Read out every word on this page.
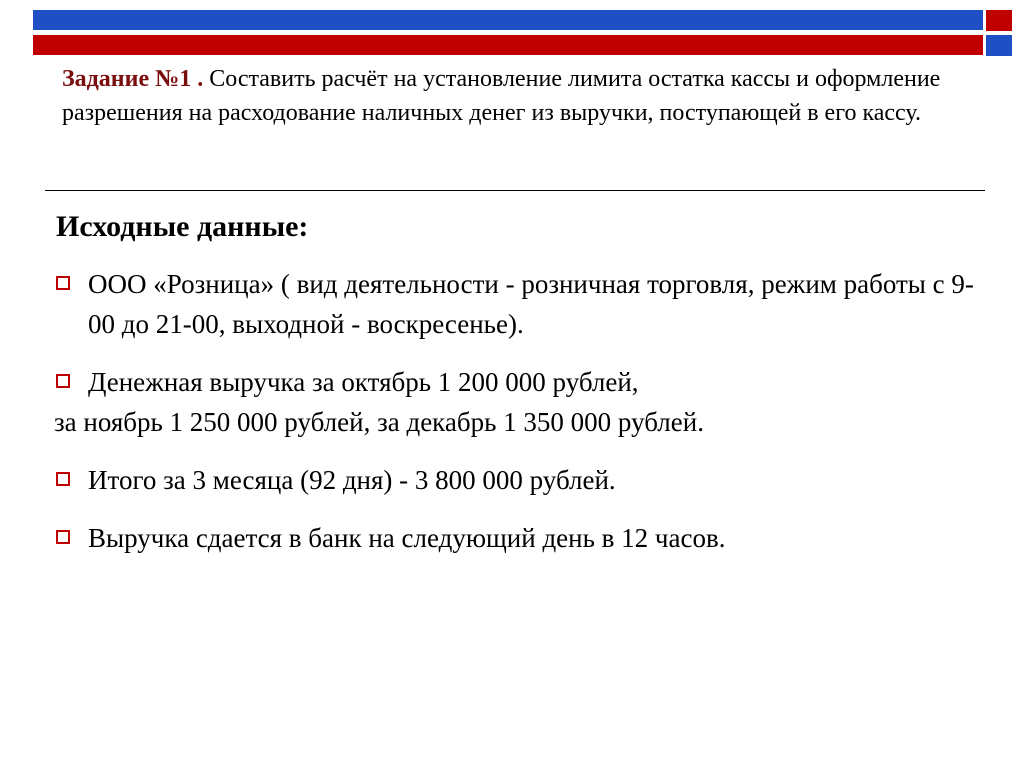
Задание №1 . Составить расчёт на установление лимита остатка кассы и оформление разрешения на расходование наличных денег из выручки, поступающей в его кассу.
Исходные данные:
ООО «Розница» ( вид деятельности - розничная торговля, режим работы с 9-00 до 21-00, выходной - воскресенье).
Денежная выручка за октябрь 1 200 000 рублей,
за ноябрь 1 250 000 рублей, за декабрь 1 350 000 рублей.
Итого за 3 месяца (92 дня) - 3 800 000 рублей.
Выручка сдается в банк на следующий день в 12 часов.
